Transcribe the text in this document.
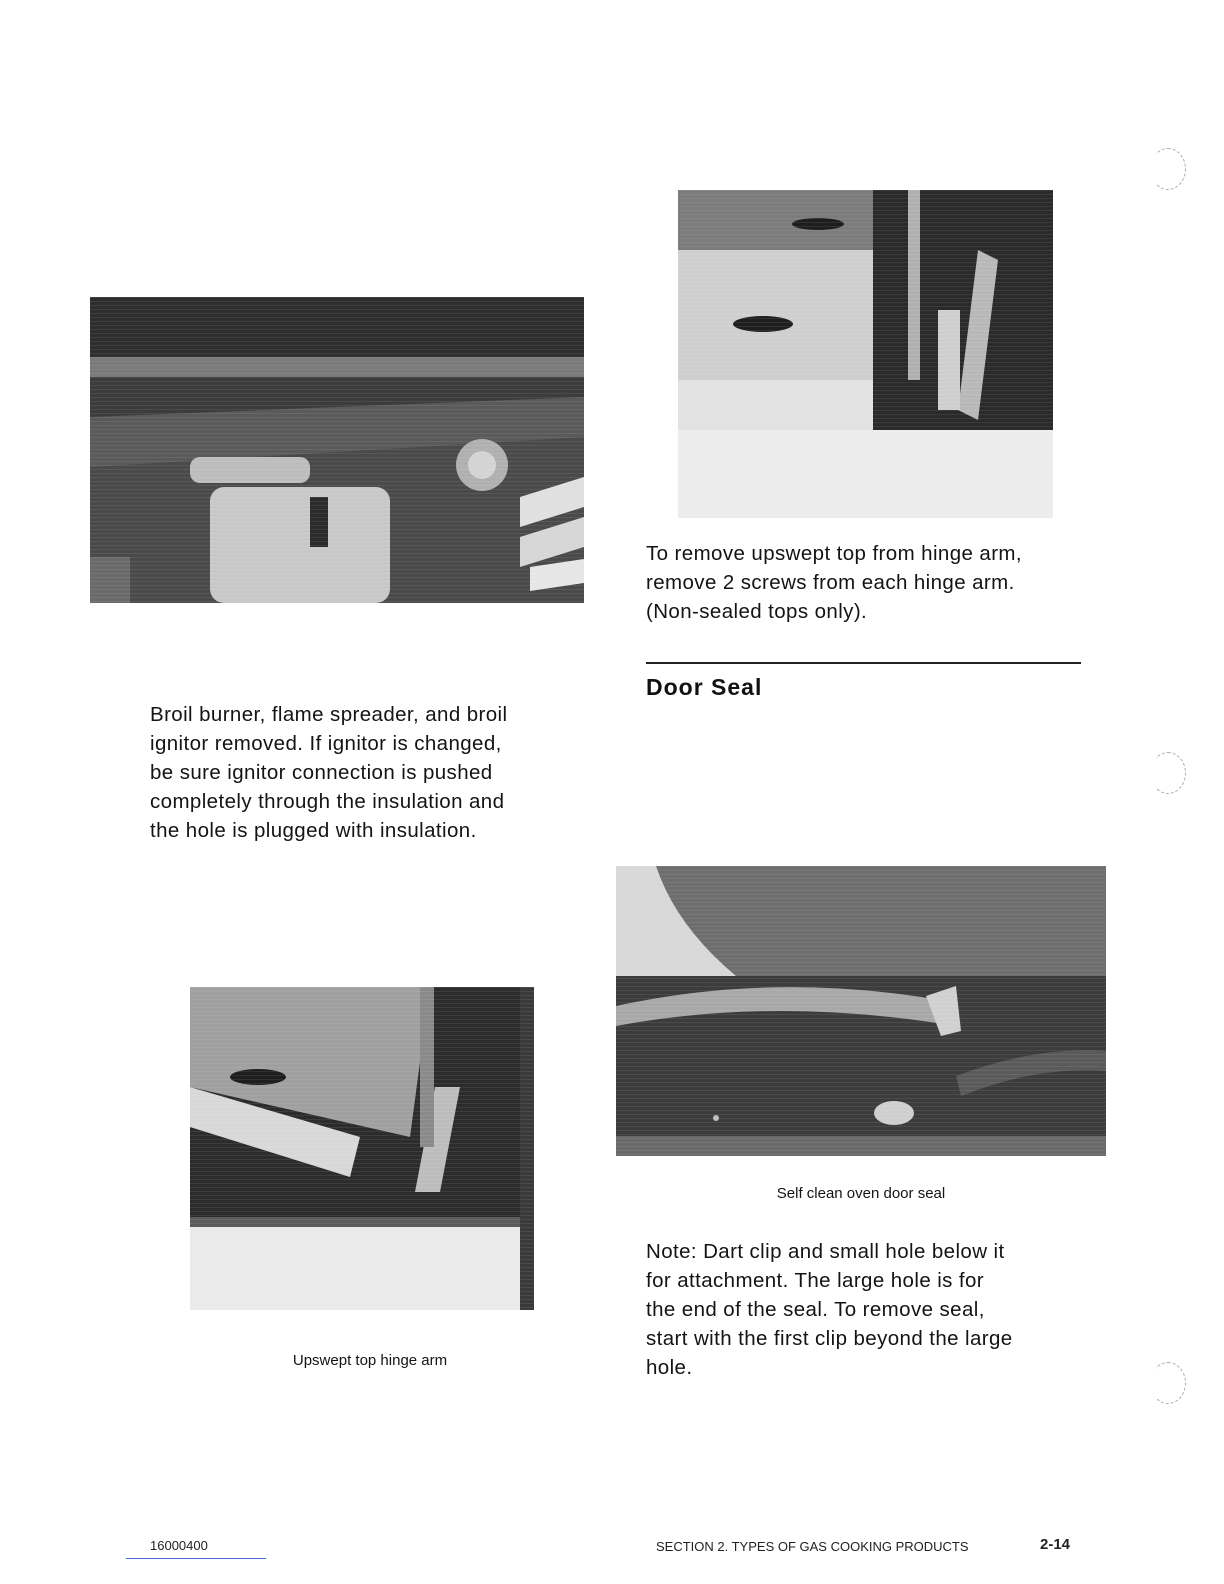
To remove upswept top from hinge arm,
remove 2 screws from each hinge arm.
(Non-sealed tops only).
Door Seal
Broil burner, flame spreader, and broil
ignitor removed. If ignitor is changed,
be sure ignitor connection is pushed
completely through the insulation and
the hole is plugged with insulation.
Self clean oven door seal
Note: Dart clip and small hole below it
for attachment. The large hole is for
the end of the seal. To remove seal,
start with the first clip beyond the large
hole.
Upswept top hinge arm
16000400	SECTION 2. TYPES OF GAS COOKING PRODUCTS	2-14
